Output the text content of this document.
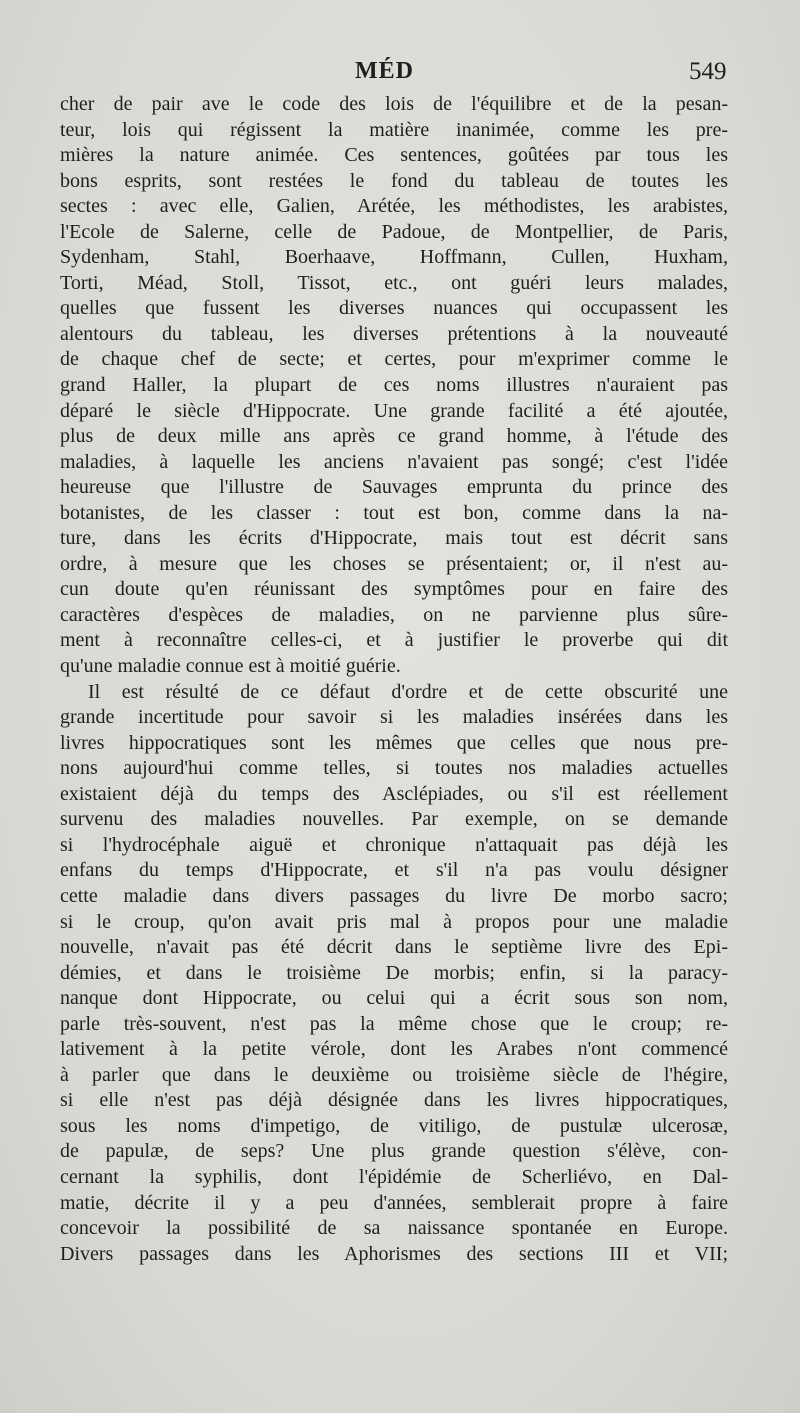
MÉD	549
cher de pair ave le code des lois de l'équilibre et de la pesan-
teur, lois qui régissent la matière inanimée, comme les pre-
mières la nature animée. Ces sentences, goûtées par tous les
bons esprits, sont restées le fond du tableau de toutes les
sectes : avec elle, Galien, Arétée, les méthodistes, les arabistes,
l'Ecole de Salerne, celle de Padoue, de Montpellier, de Paris,
Sydenham, Stahl, Boerhaave, Hoffmann, Cullen, Huxham,
Torti, Méad, Stoll, Tissot, etc., ont guéri leurs malades,
quelles que fussent les diverses nuances qui occupassent les
alentours du tableau, les diverses prétentions à la nouveauté
de chaque chef de secte; et certes, pour m'exprimer comme le
grand Haller, la plupart de ces noms illustres n'auraient pas
déparé le siècle d'Hippocrate. Une grande facilité a été ajoutée,
plus de deux mille ans après ce grand homme, à l'étude des
maladies, à laquelle les anciens n'avaient pas songé; c'est l'idée
heureuse que l'illustre de Sauvages emprunta du prince des
botanistes, de les classer : tout est bon, comme dans la na-
ture, dans les écrits d'Hippocrate, mais tout est décrit sans
ordre, à mesure que les choses se présentaient; or, il n'est au-
cun doute qu'en réunissant des symptômes pour en faire des
caractères d'espèces de maladies, on ne parvienne plus sûre-
ment à reconnaître celles-ci, et à justifier le proverbe qui dit
qu'une maladie connue est à moitié guérie.
Il est résulté de ce défaut d'ordre et de cette obscurité une
grande incertitude pour savoir si les maladies insérées dans les
livres hippocratiques sont les mêmes que celles que nous pre-
nons aujourd'hui comme telles, si toutes nos maladies actuelles
existaient déjà du temps des Asclépiades, ou s'il est réellement
survenu des maladies nouvelles. Par exemple, on se demande
si l'hydrocéphale aiguë et chronique n'attaquait pas déjà les
enfans du temps d'Hippocrate, et s'il n'a pas voulu désigner
cette maladie dans divers passages du livre De morbo sacro;
si le croup, qu'on avait pris mal à propos pour une maladie
nouvelle, n'avait pas été décrit dans le septième livre des Epi-
démies, et dans le troisième De morbis; enfin, si la paracy-
nanque dont Hippocrate, ou celui qui a écrit sous son nom,
parle très-souvent, n'est pas la même chose que le croup; re-
lativement à la petite vérole, dont les Arabes n'ont commencé
à parler que dans le deuxième ou troisième siècle de l'hégire,
si elle n'est pas déjà désignée dans les livres hippocratiques,
sous les noms d'impetigo, de vitiligo, de pustulæ ulcerosæ,
de papulæ, de seps? Une plus grande question s'élève, con-
cernant la syphilis, dont l'épidémie de Scherliévo, en Dal-
matie, décrite il y a peu d'années, semblerait propre à faire
concevoir la possibilité de sa naissance spontanée en Europe.
Divers passages dans les Aphorismes des sections III et VII;
